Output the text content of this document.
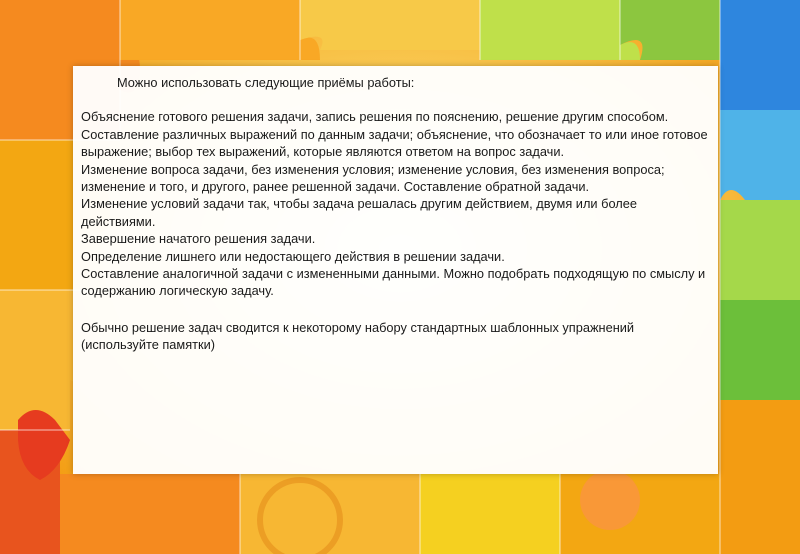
Можно использовать следующие приёмы работы:

Объяснение готового решения задачи, запись решения по пояснению, решение другим способом.

Составление различных выражений по данным задачи; объяснение, что обозначает то или иное готовое выражение; выбор тех выражений, которые являются ответом на вопрос задачи.

Изменение вопроса задачи, без изменения условия; изменение условия, без изменения вопроса; изменение и того, и другого, ранее решенной задачи. Составление обратной задачи.

Изменение условий задачи так, чтобы задача решалась другим действием, двумя или более действиями.

Завершение начатого решения задачи.

Определение лишнего или недостающего действия в решении задачи.

Составление аналогичной задачи с измененными данными. Можно подобрать подходящую по смыслу и содержанию логическую задачу.

Обычно решение задач сводится к некоторому набору стандартных шаблонных упражнений (используйте памятки)
